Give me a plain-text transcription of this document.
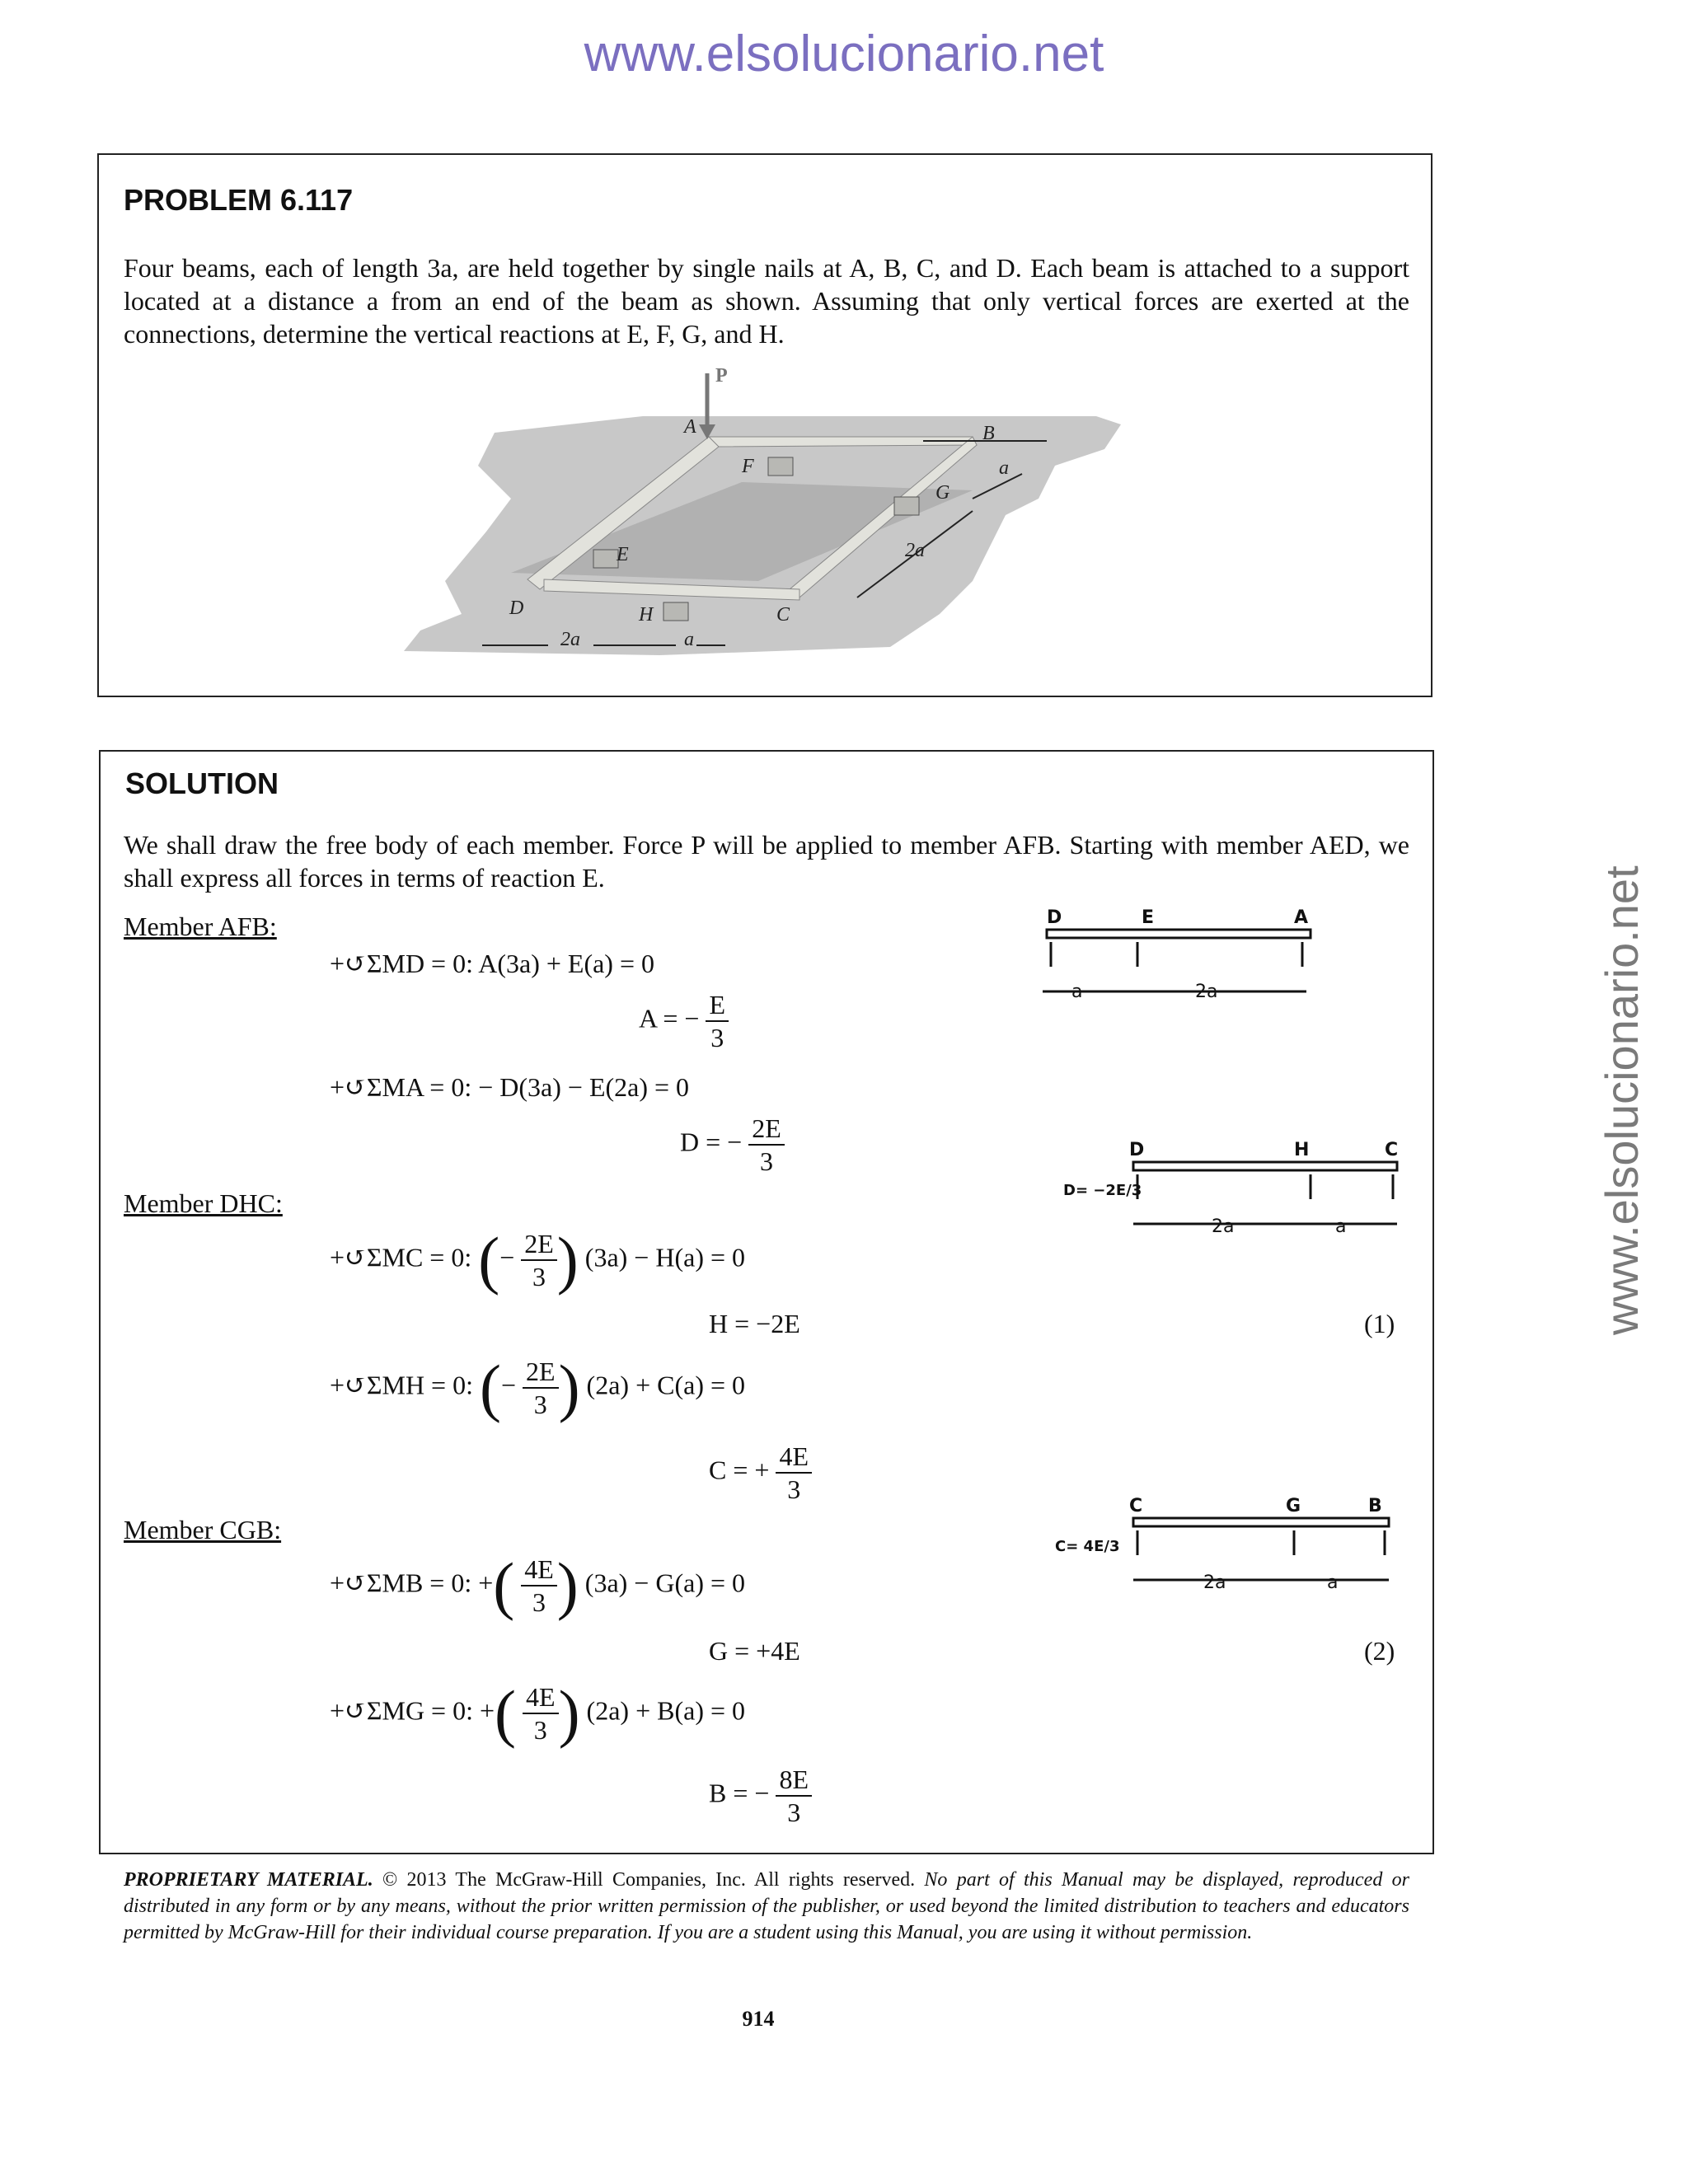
www.elsolucionario.net
www.elsolucionario.net
PROBLEM 6.117
Four beams, each of length 3a, are held together by single nails at A, B, C, and D. Each beam is attached to a support located at a distance a from an end of the beam as shown. Assuming that only vertical forces are exerted at the connections, determine the vertical reactions at E, F, G, and H.
P
A	B
F
G
E
D	H	C
a
2a
2a	a
SOLUTION
We shall draw the free body of each member. Force P will be applied to member AFB. Starting with member AED, we shall express all forces in terms of reaction E.
Member AFB:
+↺ΣMD = 0: A(3a) + E(a) = 0
A = − $\frac{E}{3}$
+↺ΣMA = 0: − D(3a) − E(2a) = 0
D = − $\frac{2E}{3}$
Member DHC:
+↺ΣMC = 0: (− $\frac{2E}{3}$ ) (3a) − H(a) = 0
H = −2E	(1)
+↺ΣMH = 0: (− $\frac{2E}{3}$ ) (2a) + C(a) = 0
C = + $\frac{4E}{3}$
Member CGB:
+↺ΣMB = 0: +( $\frac{4E}{3}$ ) (3a) − G(a) = 0
G = +4E	(2)
+↺ΣMG = 0: +( $\frac{4E}{3}$ ) (2a) + B(a) = 0
B = − $\frac{8E}{3}$
D	E	A
a	2a
D	H	C
D= −2E/3
2a	a
C	G	B
C= 4E/3
2a	a
PROPRIETARY MATERIAL. © 2013 The McGraw-Hill Companies, Inc. All rights reserved. No part of this Manual may be displayed, reproduced or distributed in any form or by any means, without the prior written permission of the publisher, or used beyond the limited distribution to teachers and educators permitted by McGraw-Hill for their individual course preparation. If you are a student using this Manual, you are using it without permission.
914
